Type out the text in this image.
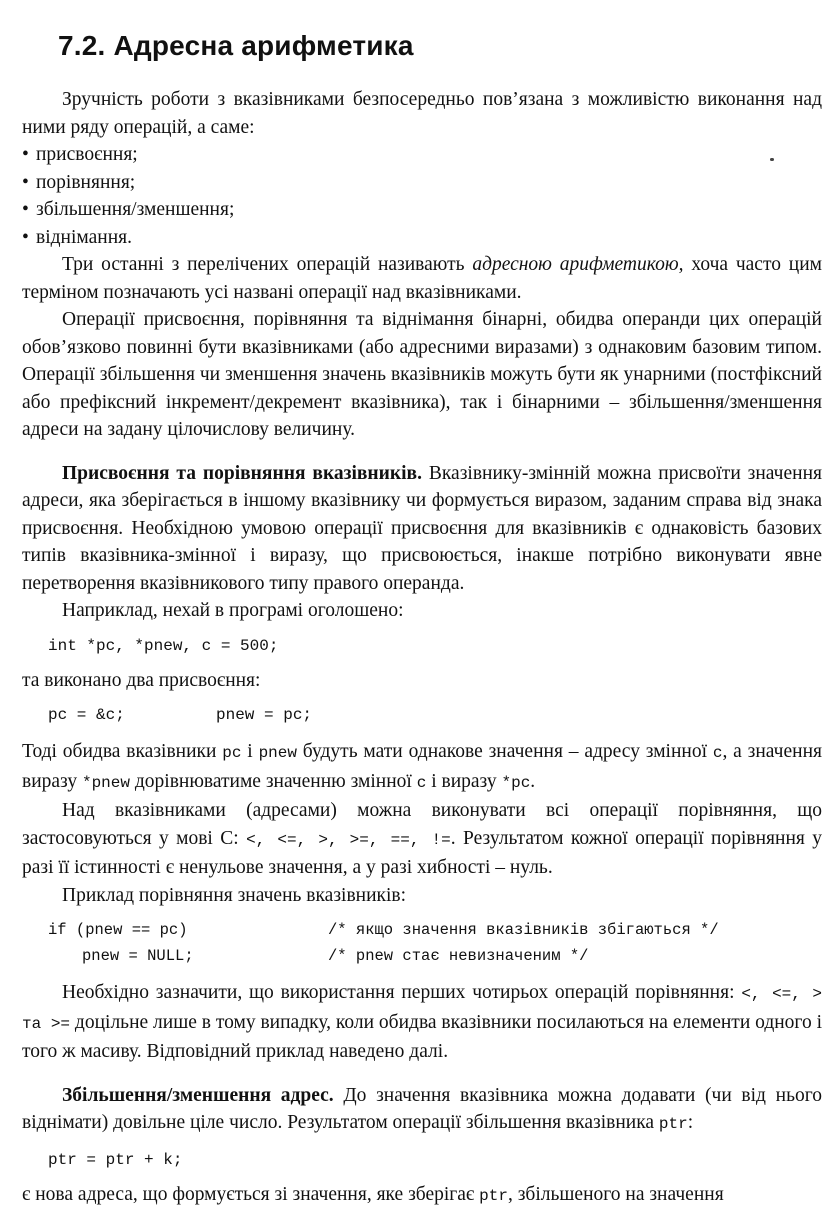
7.2. Адресна арифметика

Зручність роботи з вказівниками безпосередньо пов’язана з можливістю виконання над ними ряду операцій, а саме:

• присвоєння;
• порівняння;
• збільшення/зменшення;
• віднімання.

Три останні з перелічених операцій називають адресною арифметикою, хоча часто цим терміном позначають усі названі операції над вказівниками.

Операції присвоєння, порівняння та віднімання бінарні, обидва операнди цих операцій обов’язково повинні бути вказівниками (або адресними виразами) з однаковим базовим типом. Операції збільшення чи зменшення значень вказівників можуть бути як унарними (постфіксний або префіксний інкремент/декремент вказівника), так і бінарними – збільшення/зменшення адреси на задану цілочислову величину.

Присвоєння та порівняння вказівників. Вказівнику-змінній можна присвоїти значення адреси, яка зберігається в іншому вказівнику чи формується виразом, заданим справа від знака присвоєння. Необхідною умовою операції присвоєння для вказівників є однаковість базових типів вказівника-змінної і виразу, що присвоюється, інакше потрібно виконувати явне перетворення вказівникового типу правого операнда.

Наприклад, нехай в програмі оголошено:

int *pc, *pnew, c = 500;

та виконано два присвоєння:

pc = &c;	pnew = pc;

Тоді обидва вказівники pc і pnew будуть мати однакове значення – адресу змінної c, а значення виразу *pnew дорівнюватиме значенню змінної c і виразу *pc.

Над вказівниками (адресами) можна виконувати всі операції порівняння, що застосовуються у мові С: <, <=, >, >=, ==, !=. Результатом кожної операції порівняння у разі її істинності є ненульове значення, а у разі хибності – нуль.

Приклад порівняння значень вказівників:

if (pnew == pc)	/* якщо значення вказівників збігаються */
pnew = NULL;	/* pnew стає невизначеним */

Необхідно зазначити, що використання перших чотирьох операцій порівняння: <, <=, > та >= доцільне лише в тому випадку, коли обидва вказівники посилаються на елементи одного і того ж масиву. Відповідний приклад наведено далі.

Збільшення/зменшення адрес. До значення вказівника можна додавати (чи від нього віднімати) довільне ціле число. Результатом операції збільшення вказівника ptr:

ptr = ptr + k;

є нова адреса, що формується зі значення, яке зберігає ptr, збільшеного на значення
